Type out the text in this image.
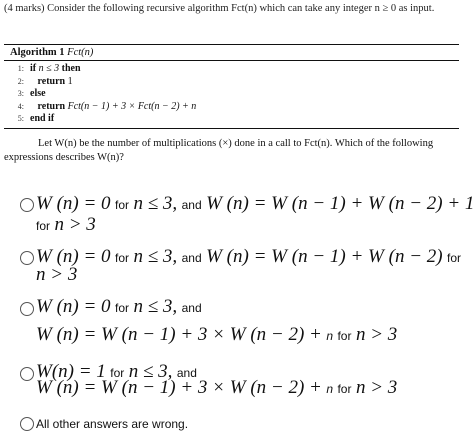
(4 marks) Consider the following recursive algorithm Fct(n) which can take any integer n ≥ 0 as input.

Algorithm 1 Fct(n)
1: if
n ≤ 3
then
2:
	return
1
3: else
4:
	return
Fct(n − 1) + 3 × Fct(n − 2) + n
5: end if

Let W(n) be the number of multiplications (×) done in a call to Fct(n). Which of the following expressions describes W(n)?

W (n) = 0 for n ≤ 3, and W (n) = W (n − 1) + W (n − 2) + 1
for n > 3
W (n) = 0 for n ≤ 3, and W (n) = W (n − 1) + W (n − 2) for
n > 3
W (n) = 0 for n ≤ 3, and
W (n) = W (n − 1) + 3 × W (n − 2) + n for n > 3
W(n) = 1 for n ≤ 3, and
W (n) = W (n − 1) + 3 × W (n − 2) + n for n > 3
All other answers are wrong.
